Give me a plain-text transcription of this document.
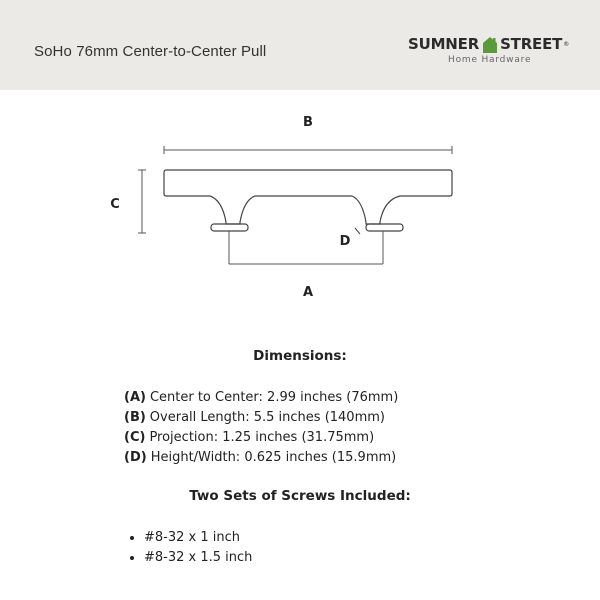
SoHo 76mm Center-to-Center Pull	SUMNER STREET ®
Home Hardware
B
C
D
A
Dimensions:
(A) Center to Center: 2.99 inches (76mm)
(B) Overall Length: 5.5 inches (140mm)
(C) Projection: 1.25 inches (31.75mm)
(D) Height/Width: 0.625 inches (15.9mm)
Two Sets of Screws Included:
#8-32 x 1 inch
#8-32 x 1.5 inch
